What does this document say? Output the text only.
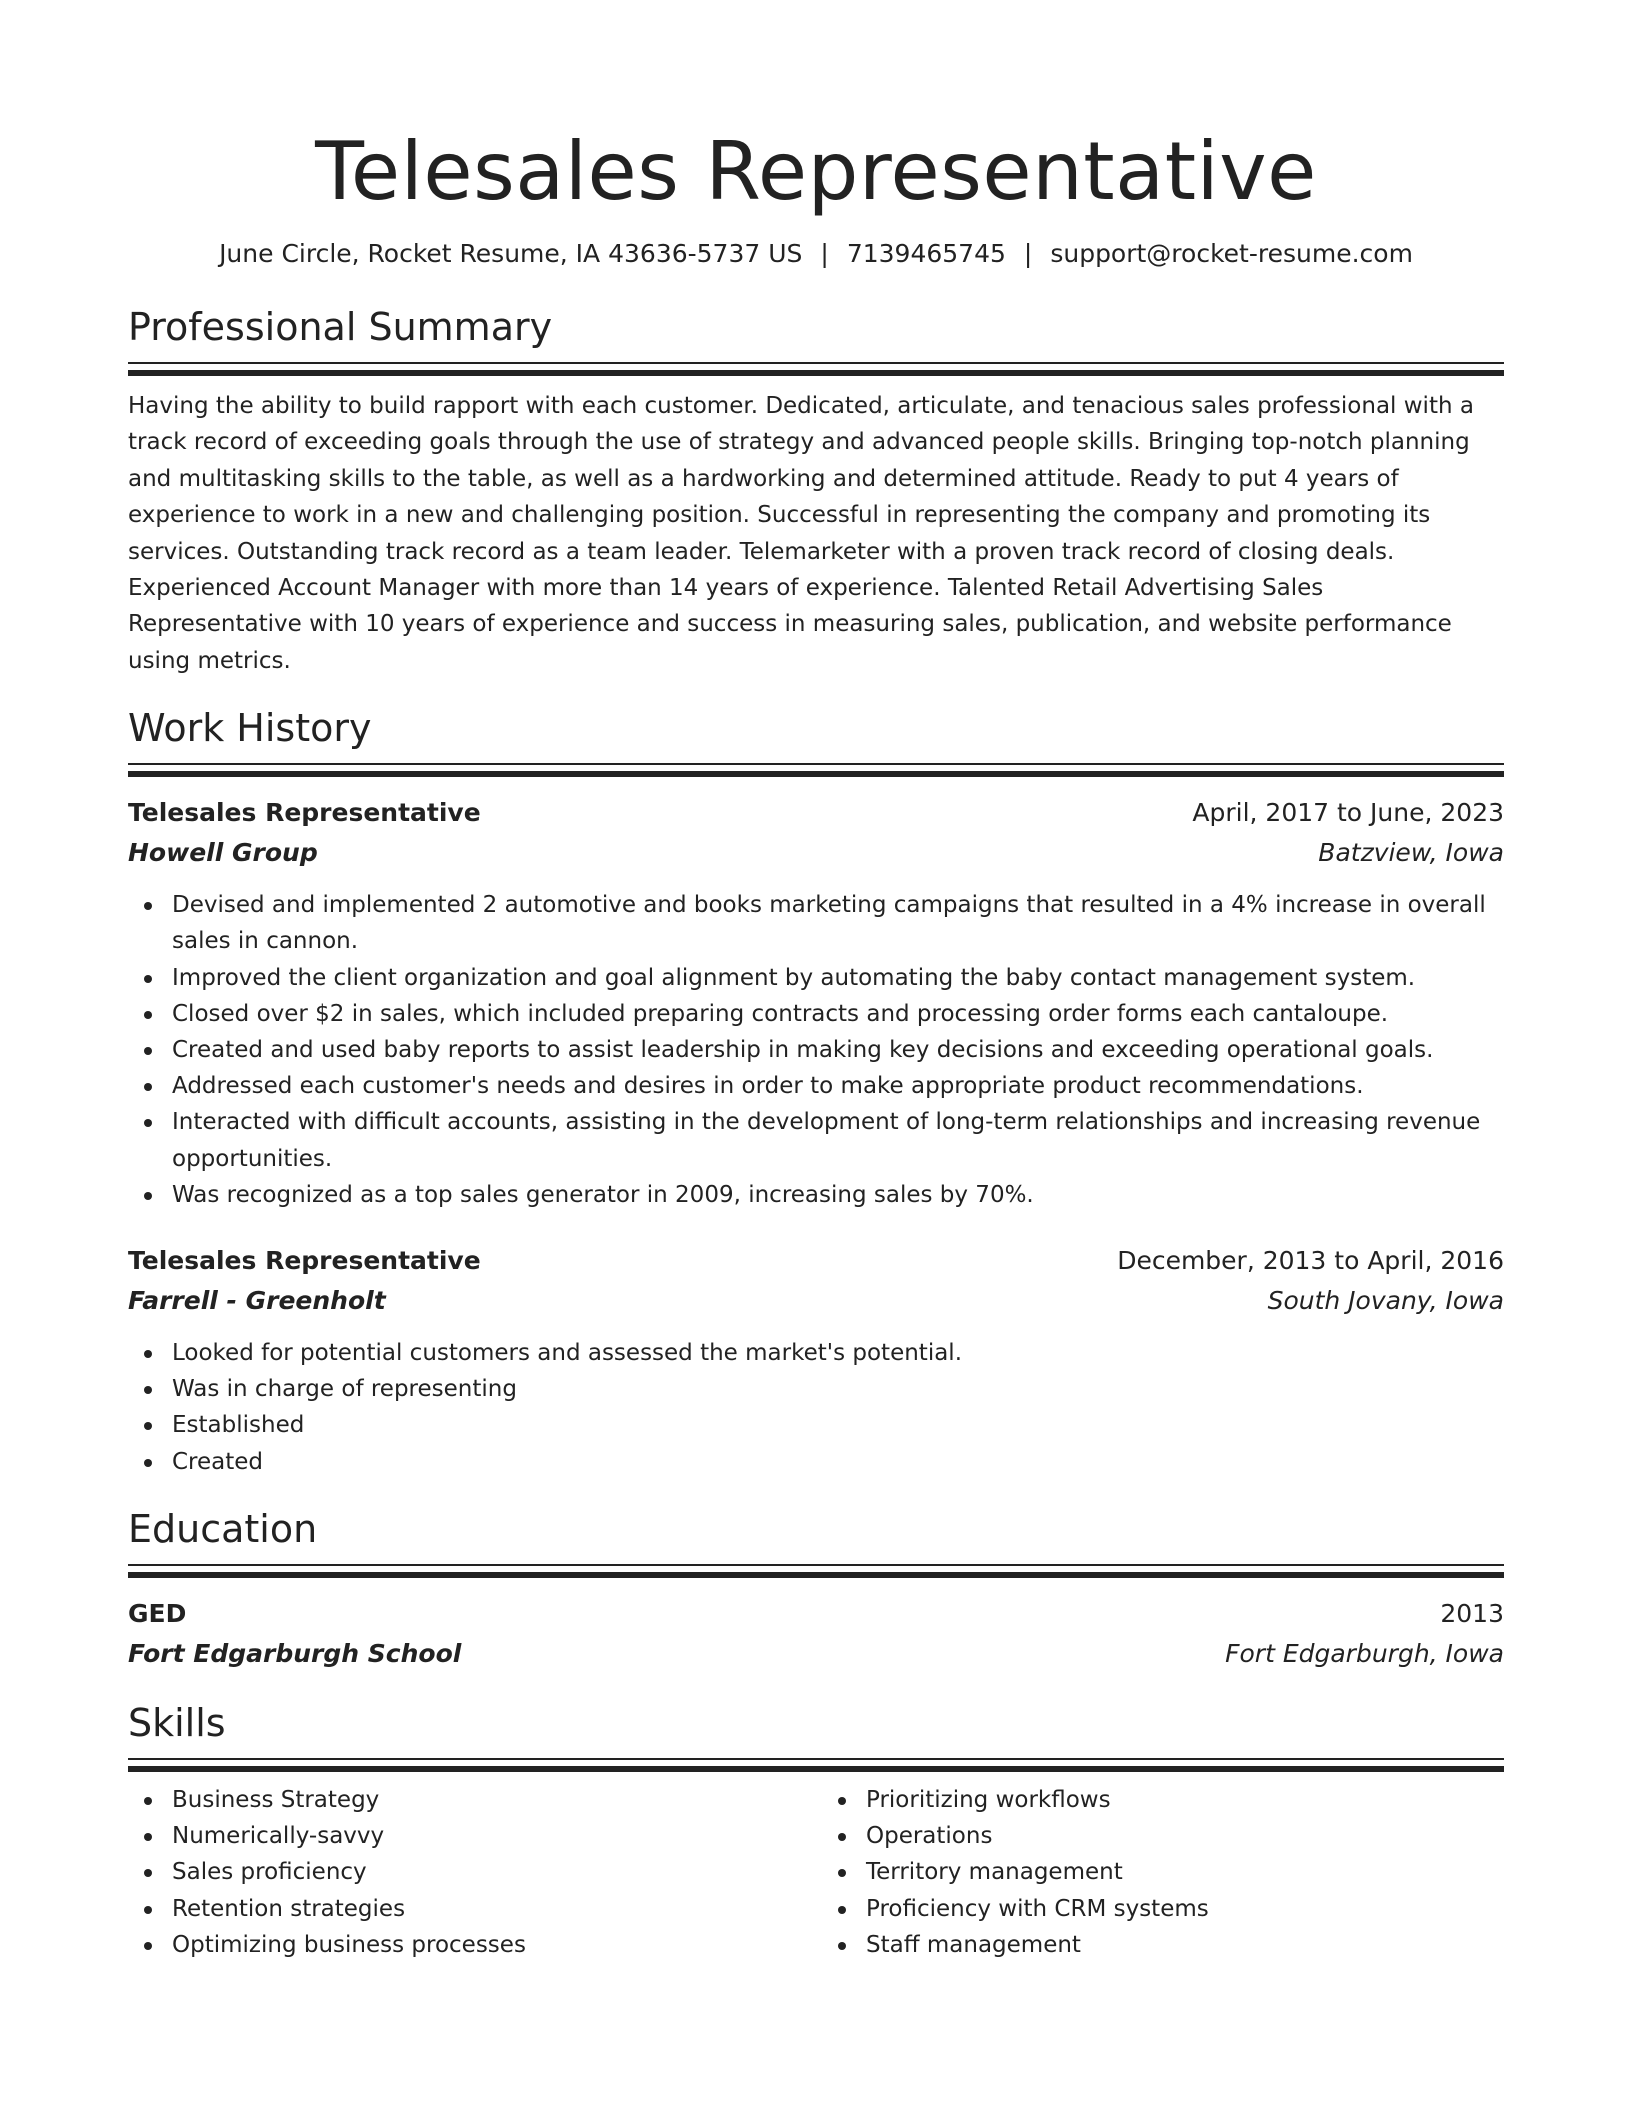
Telesales Representative
June Circle, Rocket Resume, IA 43636-5737 US | 7139465745 | support@rocket-resume.com
Professional Summary
Having the ability to build rapport with each customer. Dedicated, articulate, and tenacious sales professional with a track record of exceeding goals through the use of strategy and advanced people skills. Bringing top-notch planning and multitasking skills to the table, as well as a hardworking and determined attitude. Ready to put 4 years of experience to work in a new and challenging position. Successful in representing the company and promoting its services. Outstanding track record as a team leader. Telemarketer with a proven track record of closing deals. Experienced Account Manager with more than 14 years of experience. Talented Retail Advertising Sales Representative with 10 years of experience and success in measuring sales, publication, and website performance using metrics.
Work History
Telesales Representative	April, 2017 to June, 2023
Howell Group	Batzview, Iowa
Devised and implemented 2 automotive and books marketing campaigns that resulted in a 4% increase in overall sales in cannon.
Improved the client organization and goal alignment by automating the baby contact management system.
Closed over $2 in sales, which included preparing contracts and processing order forms each cantaloupe.
Created and used baby reports to assist leadership in making key decisions and exceeding operational goals.
Addressed each customer's needs and desires in order to make appropriate product recommendations.
Interacted with difficult accounts, assisting in the development of long-term relationships and increasing revenue opportunities.
Was recognized as a top sales generator in 2009, increasing sales by 70%.
Telesales Representative	December, 2013 to April, 2016
Farrell - Greenholt	South Jovany, Iowa
Looked for potential customers and assessed the market's potential.
Was in charge of representing
Established
Created
Education
GED	2013
Fort Edgarburgh School	Fort Edgarburgh, Iowa
Skills
Business Strategy
Numerically-savvy
Sales proficiency
Retention strategies
Optimizing business processes
Prioritizing workflows
Operations
Territory management
Proficiency with CRM systems
Staff management
